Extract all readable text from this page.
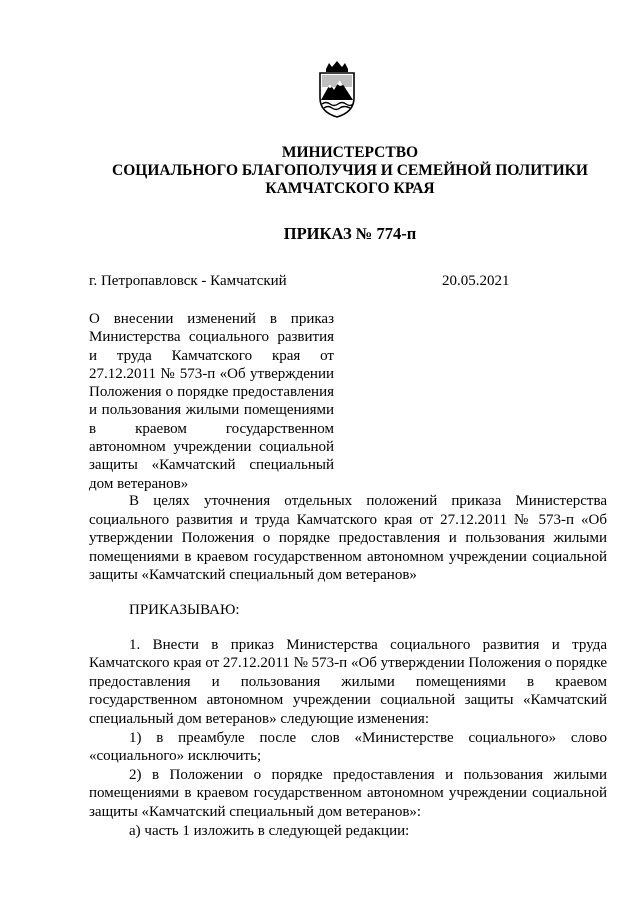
МИНИСТЕРСТВО
СОЦИАЛЬНОГО БЛАГОПОЛУЧИЯ И СЕМЕЙНОЙ ПОЛИТИКИ
КАМЧАТСКОГО КРАЯ
ПРИКАЗ № 774-п
г. Петропавловск - Камчатский	20.05.2021
О внесении изменений в приказ Министерства социального развития и труда Камчатского края от 27.12.2011 № 573-п «Об утверждении Положения о порядке предоставления и пользования жилыми помещениями в краевом государственном автономном учреждении социальной защиты «Камчатский специальный дом ветеранов»

В целях уточнения отдельных положений приказа Министерства социального развития и труда Камчатского края от 27.12.2011 № 573-п «Об утверждении Положения о порядке предоставления и пользования жилыми помещениями в краевом государственном автономном учреждении социальной защиты «Камчатский специальный дом ветеранов»

ПРИКАЗЫВАЮ:

1. Внести в приказ Министерства социального развития и труда Камчатского края от 27.12.2011 № 573-п «Об утверждении Положения о порядке предоставления и пользования жилыми помещениями в краевом государственном автономном учреждении социальной защиты «Камчатский специальный дом ветеранов» следующие изменения:

1) в преамбуле после слов «Министерстве социального» слово «социального» исключить;

2) в Положении о порядке предоставления и пользования жилыми помещениями в краевом государственном автономном учреждении социальной защиты «Камчатский специальный дом ветеранов»:

а) часть 1 изложить в следующей редакции:
